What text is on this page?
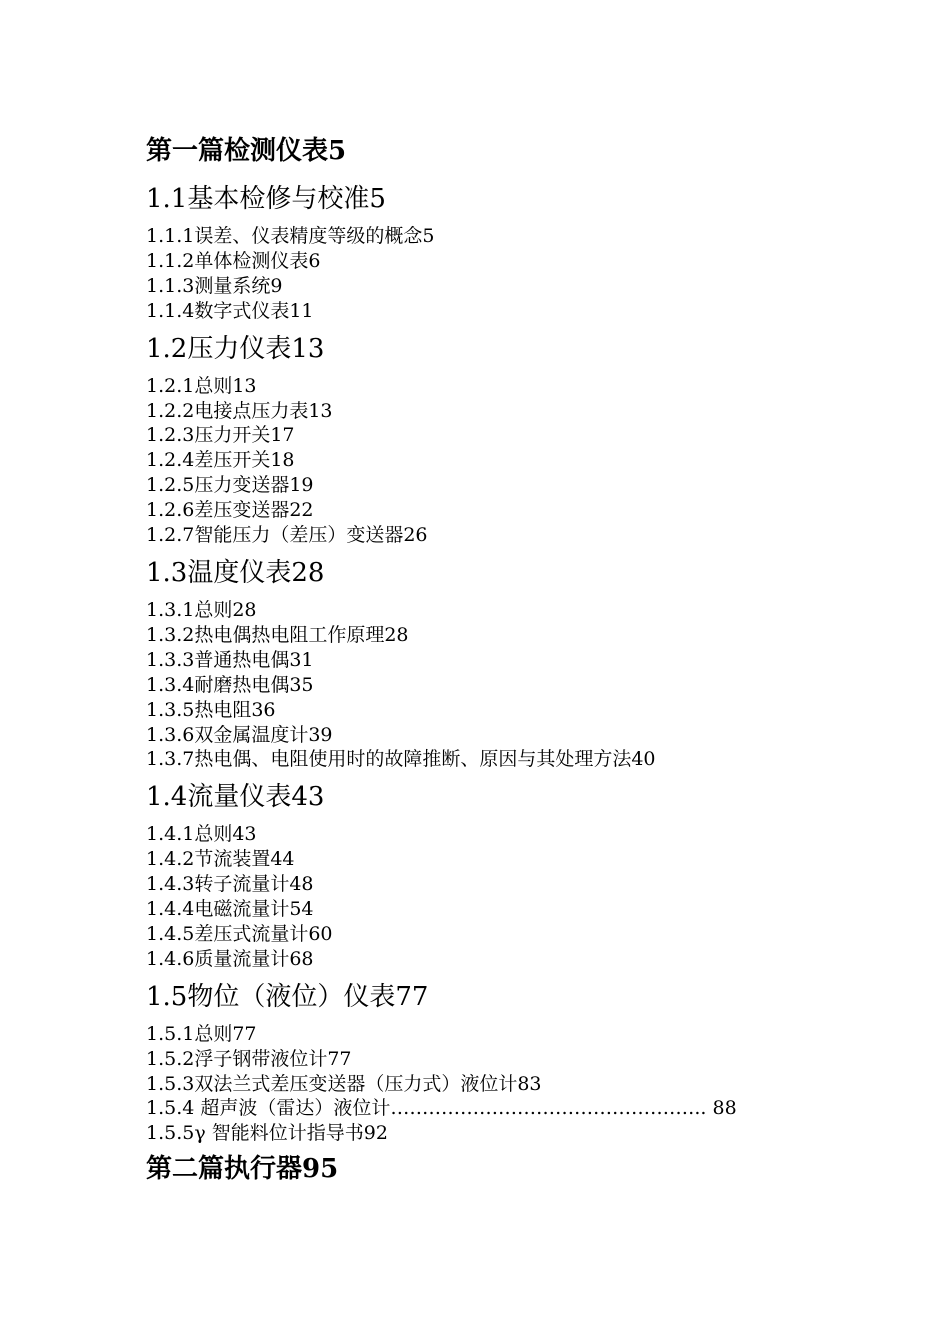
第一篇检测仪表5

1.1基本检修与校准5

1.1.1误差、仪表精度等级的概念5

1.1.2单体检测仪表6

1.1.3测量系统9

1.1.4数字式仪表11

1.2压力仪表13

1.2.1总则13

1.2.2电接点压力表13

1.2.3压力开关17

1.2.4差压开关18

1.2.5压力变送器19

1.2.6差压变送器22

1.2.7智能压力（差压）变送器26

1.3温度仪表28

1.3.1总则28

1.3.2热电偶热电阻工作原理28

1.3.3普通热电偶31

1.3.4耐磨热电偶35

1.3.5热电阻36

1.3.6双金属温度计39

1.3.7热电偶、电阻使用时的故障推断、原因与其处理方法40

1.4流量仪表43

1.4.1总则43

1.4.2节流装置44

1.4.3转子流量计48

1.4.4电磁流量计54

1.4.5差压式流量计60

1.4.6质量流量计68

1.5物位（液位）仪表77

1.5.1总则77

1.5.2浮子钢带液位计77

1.5.3双法兰式差压变送器（压力式）液位计83

1.5.4 超声波（雷达）液位计………………………………………….. 88

1.5.5γ 智能料位计指导书92

第二篇执行器95
